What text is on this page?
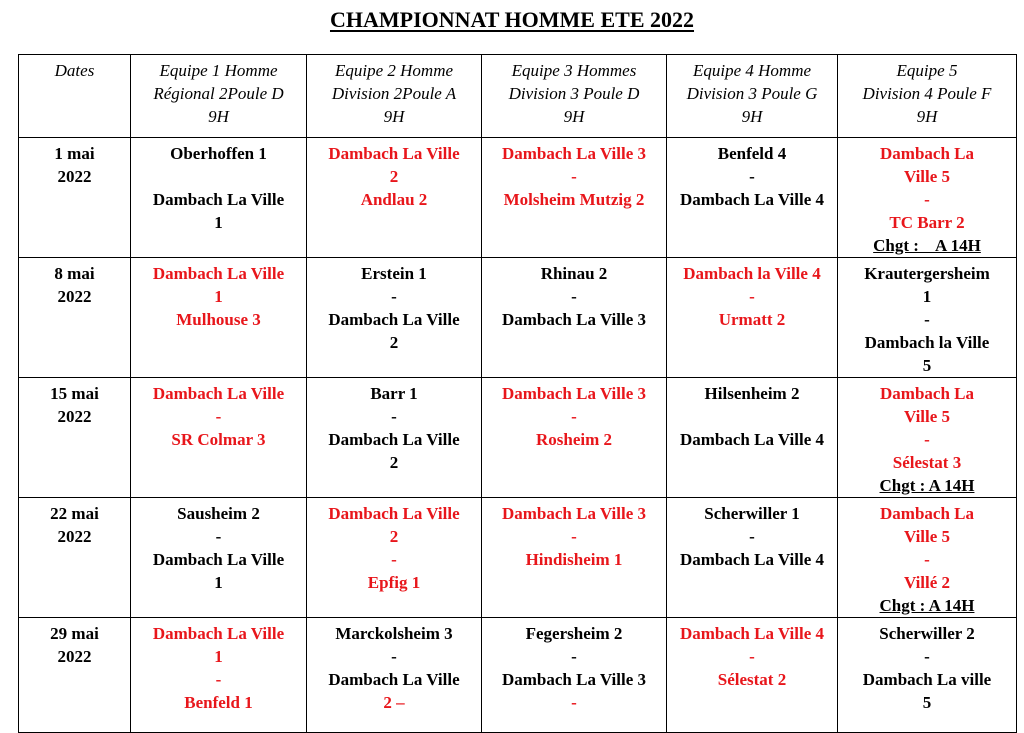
CHAMPIONNAT HOMME ETE 2022
Dates	Equipe 1 Homme
Régional 2Poule D
9H	Equipe 2 Homme
Division 2Poule A
9H	Equipe 3 Hommes
Division 3 Poule D
9H	Equipe 4 Homme
Division 3 Poule G
9H	Equipe 5
Division 4 Poule F
9H

1 mai
2022	Oberhoffen 1

Dambach La Ville
1	Dambach La Ville
2
Andlau 2	Dambach La Ville 3
-
Molsheim Mutzig 2	Benfeld 4
-
Dambach La Ville 4	Dambach La
Ville 5
-
TC Barr 2
Chgt :    A 14H

8 mai
2022	Dambach La Ville
1
Mulhouse 3	Erstein 1
-
Dambach La Ville
2	Rhinau 2
-
Dambach La Ville 3	Dambach la Ville 4
-
Urmatt 2	Krautergersheim
1
-
Dambach la Ville
5

15 mai
2022	Dambach La Ville
-
SR Colmar 3	Barr 1
-
Dambach La Ville
2	Dambach La Ville 3
-
Rosheim 2	Hilsenheim 2

Dambach La Ville 4	Dambach La
Ville 5
-
Sélestat 3
Chgt : A 14H

22 mai
2022	Sausheim 2
-
Dambach La Ville
1	Dambach La Ville
2
-
Epfig 1	Dambach La Ville 3
-
Hindisheim 1	Scherwiller 1
-
Dambach La Ville 4	Dambach La
Ville 5
-
Villé 2
Chgt : A 14H

29 mai
2022	Dambach La Ville
1
-
Benfeld 1	Marckolsheim 3
-
Dambach La Ville
2 –	Fegersheim 2
-
Dambach La Ville 3
-	Dambach La Ville 4
-
Sélestat 2	Scherwiller 2
-
Dambach La ville
5
